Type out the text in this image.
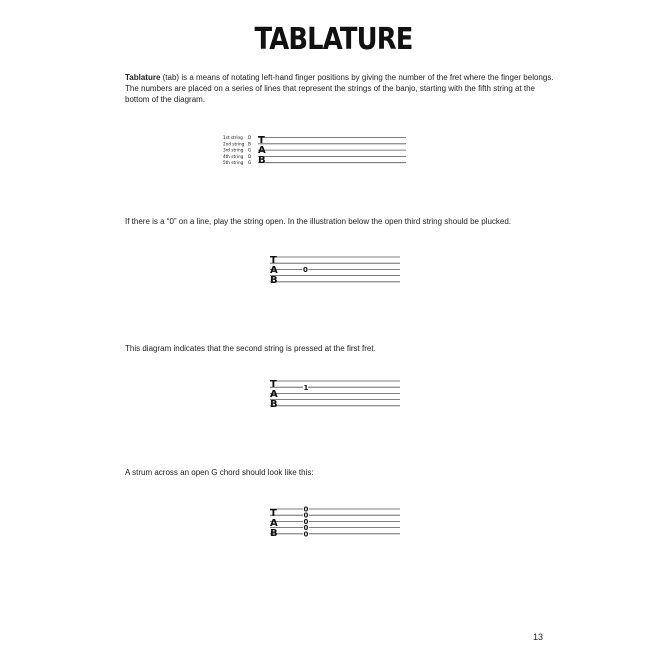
TABLATURE

Tablature (tab) is a means of notating left-hand finger positions by giving the number of the fret where the finger belongs. The numbers are placed on a series of lines that represent the strings of the banjo, starting with the fifth string at the bottom of the diagram.

1st string
2nd string
3rd string
4th string
5th string
D
B
G
D
G
T
A
B

If there is a “0” on a line, play the string open. In the illustration below the open third string should be plucked.

T
A
B
0

This diagram indicates that the second string is pressed at the first fret.

T
A
B
1

A strum across an open G chord should look like this:

T
A
B
0
0
0
0
0
13
